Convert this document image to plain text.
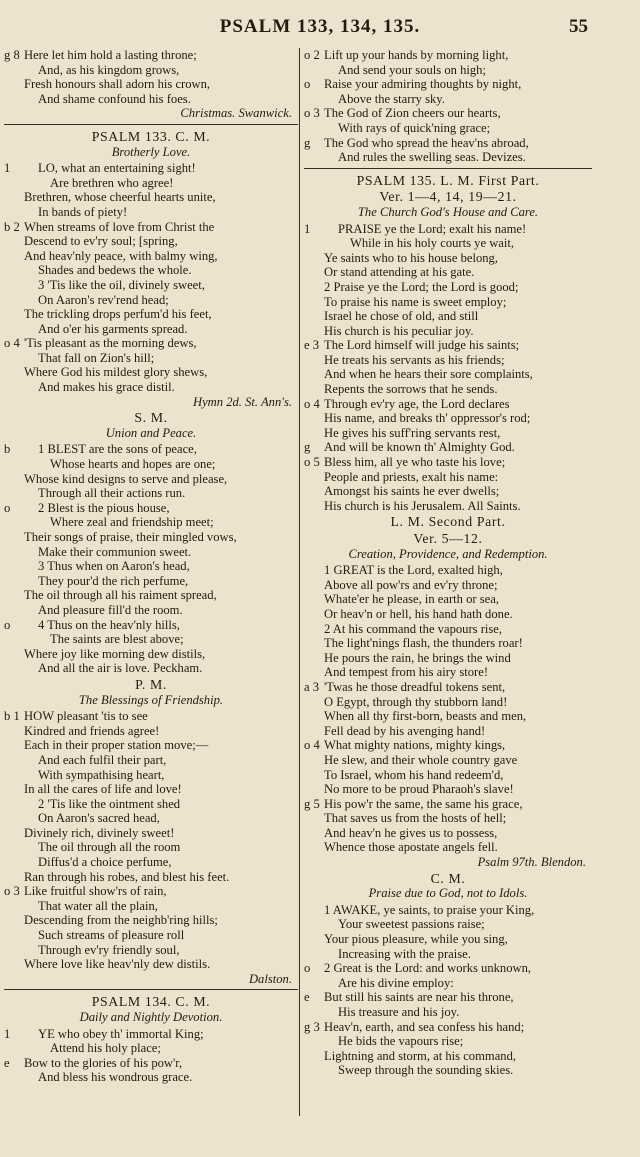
PSALM 133, 134, 135.	55
g 8 Here let him hold a lasting throne;
And, as his kingdom grows,
Fresh honours shall adorn his crown,
And shame confound his foes.
Christmas. Swanwick.
PSALM 133. C. M.
Brotherly Love.
1	LO, what an entertaining sight!
Are brethren who agree!
Brethren, whose cheerful hearts unite,
In bands of piety!
b 2 When streams of love from Christ the
Descend to ev'ry soul; [spring,
And heav'nly peace, with balmy wing,
Shades and bedews the whole.
3 'Tis like the oil, divinely sweet,
On Aaron's rev'rend head;
The trickling drops perfum'd his feet,
And o'er his garments spread.
o 4 'Tis pleasant as the morning dews,
That fall on Zion's hill;
Where God his mildest glory shews,
And makes his grace distil.
Hymn 2d. St. Ann's.
S. M.
Union and Peace.
b	1 BLEST are the sons of peace,
Whose hearts and hopes are one;
Whose kind designs to serve and please,
Through all their actions run.
o	2 Blest is the pious house,
Where zeal and friendship meet;
Their songs of praise, their mingled vows,
Make their communion sweet.
3 Thus when on Aaron's head,
They pour'd the rich perfume,
The oil through all his raiment spread,
And pleasure fill'd the room.
o	4 Thus on the heav'nly hills,
The saints are blest above;
Where joy like morning dew distils,
And all the air is love. Peckham.
P. M.
The Blessings of Friendship.
b 1 HOW pleasant 'tis to see
Kindred and friends agree!
Each in their proper station move;—
And each fulfil their part,
With sympathising heart,
In all the cares of life and love!
2 'Tis like the ointment shed
On Aaron's sacred head,
Divinely rich, divinely sweet!
The oil through all the room
Diffus'd a choice perfume,
Ran through his robes, and blest his feet.
o 3 Like fruitful show'rs of rain,
That water all the plain,
Descending from the neighb'ring hills;
Such streams of pleasure roll
Through ev'ry friendly soul,
Where love like heav'nly dew distils.
Dalston.
PSALM 134. C. M.
Daily and Nightly Devotion.
1	YE who obey th' immortal King;
Attend his holy place;
e	Bow to the glories of his pow'r,
And bless his wondrous grace.
o 2 Lift up your hands by morning light,
And send your souls on high;
o	Raise your admiring thoughts by night,
Above the starry sky.
o 3 The God of Zion cheers our hearts,
With rays of quick'ning grace;
g	The God who spread the heav'ns abroad,
And rules the swelling seas. Devizes.
PSALM 135. L. M. First Part.
Ver. 1—4, 14, 19—21.
The Church God's House and Care.
1	PRAISE ye the Lord; exalt his name!
While in his holy courts ye wait,
Ye saints who to his house belong,
Or stand attending at his gate.
2 Praise ye the Lord; the Lord is good;
To praise his name is sweet employ;
Israel he chose of old, and still
His church is his peculiar joy.
e 3 The Lord himself will judge his saints;
He treats his servants as his friends;
And when he hears their sore complaints,
Repents the sorrows that he sends.
o 4 Through ev'ry age, the Lord declares
His name, and breaks th' oppressor's rod;
He gives his suff'ring servants rest,
g	And will be known th' Almighty God.
o 5 Bless him, all ye who taste his love;
People and priests, exalt his name:
Amongst his saints he ever dwells;
His church is his Jerusalem. All Saints.
L. M. Second Part.
Ver. 5—12.
Creation, Providence, and Redemption.
1 GREAT is the Lord, exalted high,
Above all pow'rs and ev'ry throne;
Whate'er he please, in earth or sea,
Or heav'n or hell, his hand hath done.
2 At his command the vapours rise,
The light'nings flash, the thunders roar!
He pours the rain, he brings the wind
And tempest from his airy store!
a 3 'Twas he those dreadful tokens sent,
O Egypt, through thy stubborn land!
When all thy first-born, beasts and men,
Fell dead by his avenging hand!
o 4 What mighty nations, mighty kings,
He slew, and their whole country gave
To Israel, whom his hand redeem'd,
No more to be proud Pharaoh's slave!
g 5 His pow'r the same, the same his grace,
That saves us from the hosts of hell;
And heav'n he gives us to possess,
Whence those apostate angels fell.
Psalm 97th. Blendon.
C. M.
Praise due to God, not to Idols.
1 AWAKE, ye saints, to praise your King,
Your sweetest passions raise;
Your pious pleasure, while you sing,
Increasing with the praise.
o	2 Great is the Lord: and works unknown,
Are his divine employ:
e	But still his saints are near his throne,
His treasure and his joy.
g 3 Heav'n, earth, and sea confess his hand;
He bids the vapours rise;
Lightning and storm, at his command,
Sweep through the sounding skies.
